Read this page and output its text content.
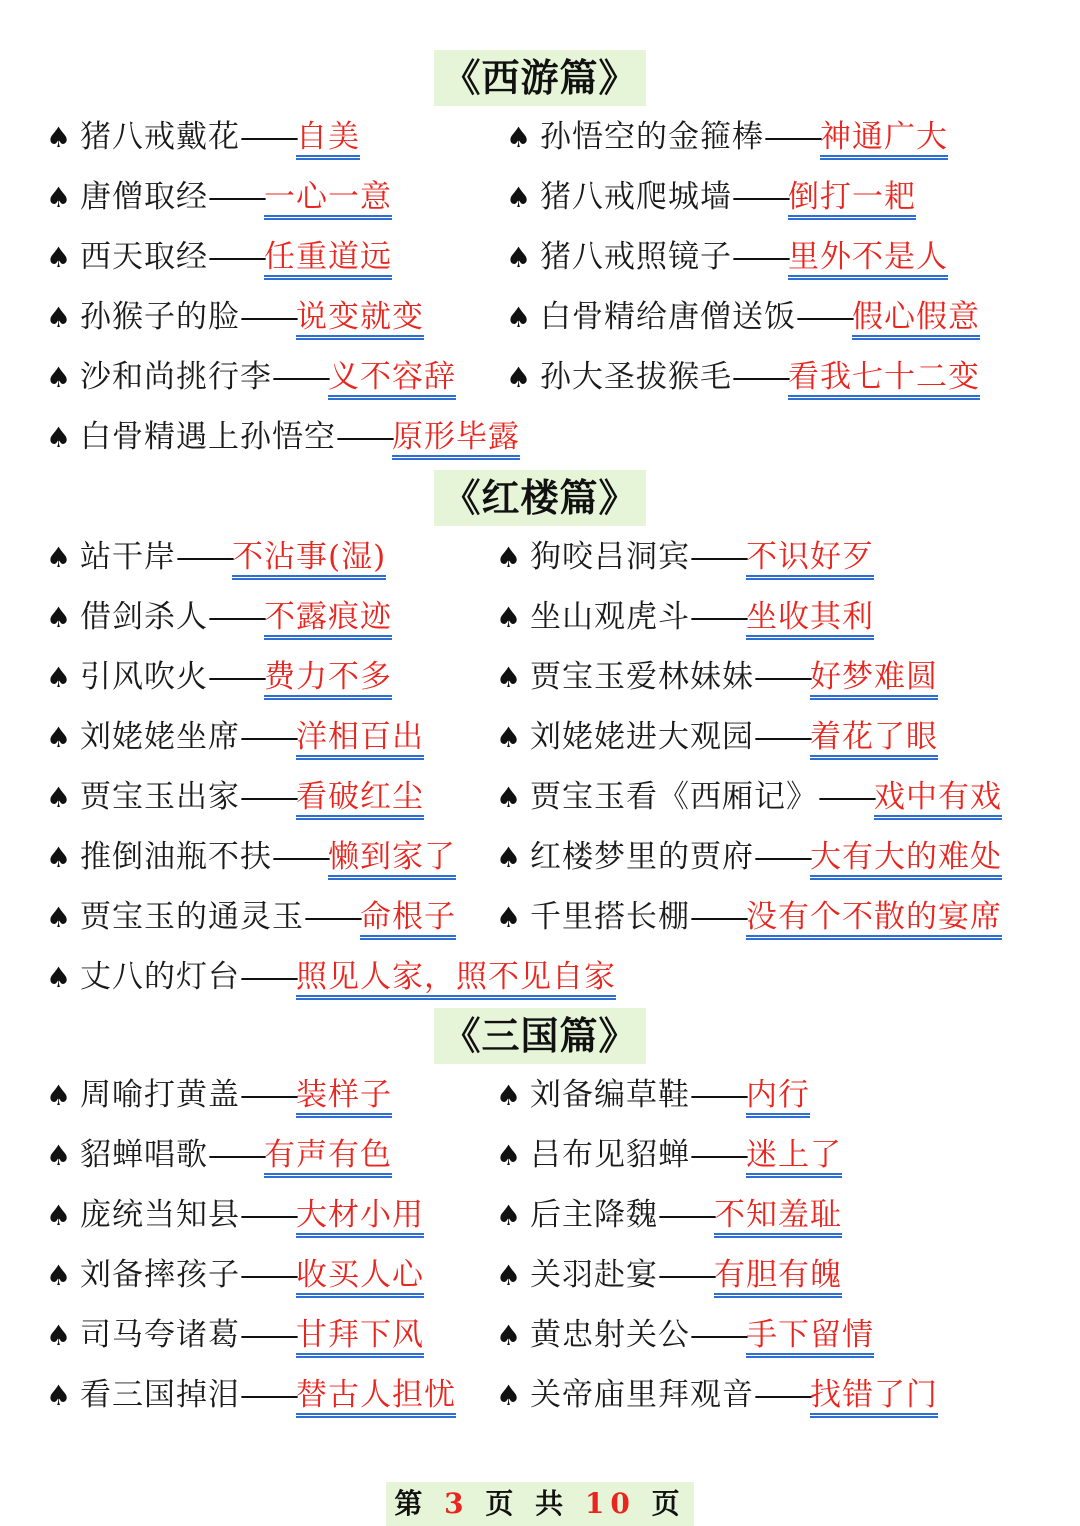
第 3 页 共 10 页
《西游篇》
♠ 猪八戒戴花——自美	♠ 孙悟空的金箍棒——神通广大
♠ 唐僧取经——一心一意	♠ 猪八戒爬城墙——倒打一耙
♠ 西天取经——任重道远	♠ 猪八戒照镜子——里外不是人
♠ 孙猴子的脸——说变就变	♠ 白骨精给唐僧送饭——假心假意
♠ 沙和尚挑行李——义不容辞 ♠ 孙大圣拔猴毛——看我七十二变
♠ 白骨精遇上孙悟空——原形毕露
《红楼篇》
♠ 站干岸——不沾事(湿)	♠ 狗咬吕洞宾——不识好歹
♠ 借剑杀人——不露痕迹	♠ 坐山观虎斗——坐收其利
♠ 引风吹火——费力不多	♠ 贾宝玉爱林妹妹——好梦难圆
♠ 刘姥姥坐席——洋相百出	♠ 刘姥姥进大观园——着花了眼
♠ 贾宝玉出家——看破红尘	♠ 贾宝玉看《西厢记》——戏中有戏
♠ 推倒油瓶不扶——懒到家了 ♠ 红楼梦里的贾府——大有大的难处
♠ 贾宝玉的通灵玉——命根子 ♠ 千里搭长棚——没有个不散的宴席
♠ 丈八的灯台——照见人家，照不见自家
《三国篇》
♠ 周喻打黄盖——装样子	♠ 刘备编草鞋——内行
♠ 貂蝉唱歌——有声有色	♠ 吕布见貂蝉——迷上了
♠ 庞统当知县——大材小用	♠ 后主降魏——不知羞耻
♠ 刘备摔孩子——收买人心	♠ 关羽赴宴——有胆有魄
♠ 司马夸诸葛——甘拜下风	♠ 黄忠射关公——手下留情
♠ 看三国掉泪——替古人担忧 ♠ 关帝庙里拜观音——找错了门
